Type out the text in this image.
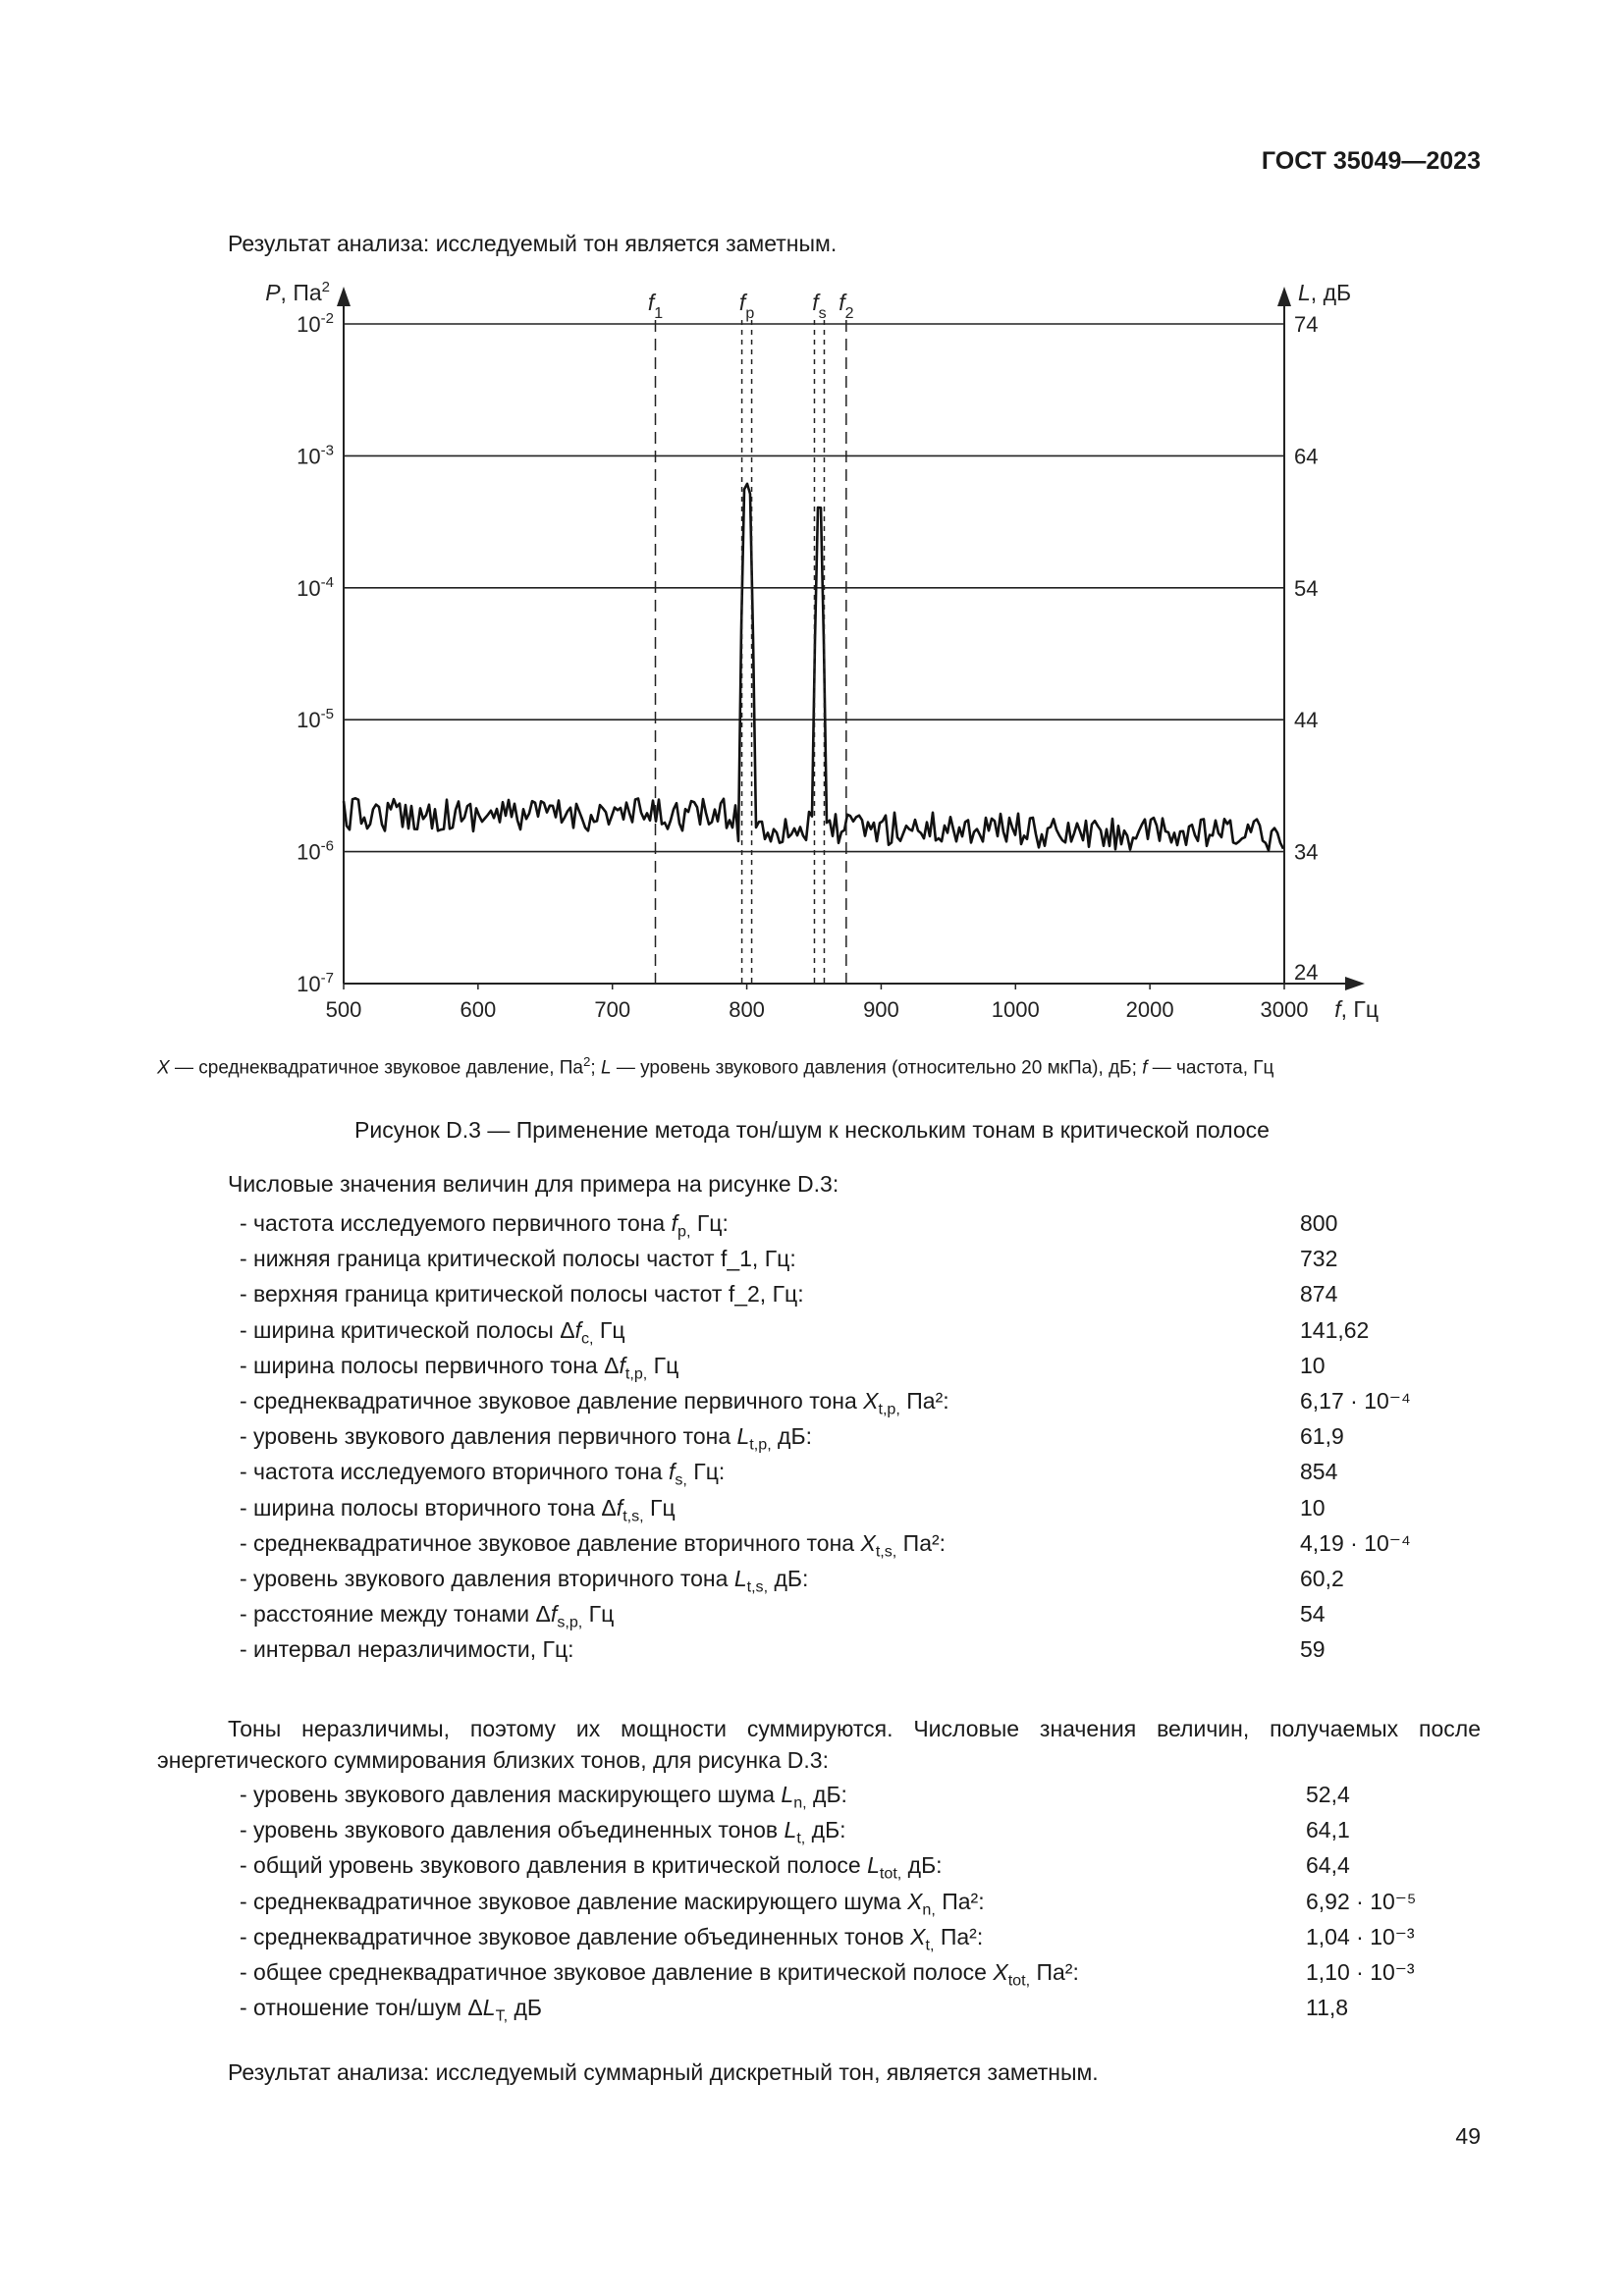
ГОСТ 35049—2023
Результат анализа: исследуемый тон является заметным.
$10^{-2}$
$10^{-3}$
$10^{-4}$
$10^{-5}$
$10^{-6}$
$10^{-7}$
74
64
54
44
34
24
500	600	700	800	900	1000	2000	3000
P, $Па^2$	L, дБ
f, Гц
$f_1$	$f_p$	$f_s$ $f_2$
X — среднеквадратичное звуковое давление, $Па^2$; L — уровень звукового давления (относительно 20 мкПа), дБ; f — частота, Гц
Рисунок D.3 — Применение метода тон/шум к нескольким тонам в критической полосе
Числовые значения величин для примера на рисунке D.3:
- частота исследуемого первичного тона $f_{p,}$ Гц:	800
- нижняя граница критической полосы частот f_1, Гц:	732
- верхняя граница критической полосы частот f_2, Гц:	874
- ширина критической полосы $\Delta f_{c,}$ Гц	141,62
- ширина полосы первичного тона $\Delta f_{t,p,}$ Гц	10
- среднеквадратичное звуковое давление первичного тона $X_{t,p,}$ Па²:	6,17 · 10⁻⁴
- уровень звукового давления первичного тона $L_{t,p,}$ дБ:	61,9
- частота исследуемого вторичного тона $f_{s,}$ Гц:	854
- ширина полосы вторичного тона $\Delta f_{t,s,}$ Гц	10
- среднеквадратичное звуковое давление вторичного тона $X_{t,s,}$ Па²:	4,19 · 10⁻⁴
- уровень звукового давления вторичного тона $L_{t,s,}$ дБ:	60,2
- расстояние между тонами $\Delta f_{s,p,}$ Гц	54
- интервал неразличимости, Гц:	59
Тоны неразличимы, поэтому их мощности суммируются. Числовые значения величин, получаемых после энергетического суммирования близких тонов, для рисунка D.3:
- уровень звукового давления маскирующего шума $L_{n,}$ дБ:	52,4
- уровень звукового давления объединенных тонов $L_{t,}$ дБ:	64,1
- общий уровень звукового давления в критической полосе $L_{tot,}$ дБ:	64,4
- среднеквадратичное звуковое давление маскирующего шума $X_{n,}$ Па²:	6,92 · 10⁻⁵
- среднеквадратичное звуковое давление объединенных тонов $X_{t,}$ Па²:	1,04 · 10⁻³
- общее среднеквадратичное звуковое давление в критической полосе $X_{tot,}$ Па²:	1,10 · 10⁻³
- отношение тон/шум $\Delta L_{T,}$ дБ	11,8
Результат анализа: исследуемый суммарный дискретный тон, является заметным.
49
